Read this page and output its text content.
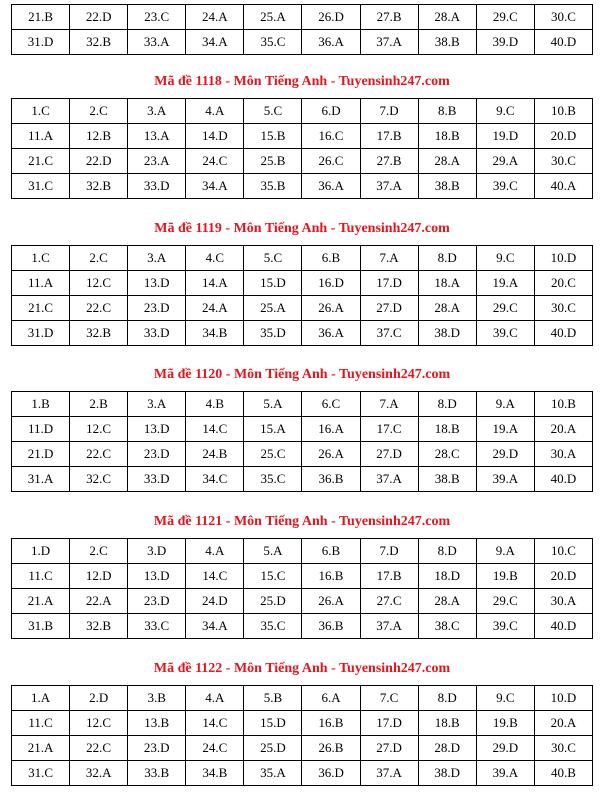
21.B	22.D	23.C	24.A	25.A	26.D	27.B	28.A	29.C	30.C
31.D	32.B	33.A	34.A	35.C	36.A	37.A	38.B	39.D	40.D
Mã đề 1118 - Môn Tiếng Anh - Tuyensinh247.com
1.C	2.C	3.A	4.A	5.C	6.D	7.D	8.B	9.C	10.B
11.A	12.B	13.A	14.D	15.B	16.C	17.B	18.B	19.D	20.D
21.C	22.D	23.A	24.C	25.B	26.C	27.B	28.A	29.A	30.C
31.C	32.B	33.D	34.A	35.B	36.A	37.A	38.B	39.C	40.A
Mã đề 1119 - Môn Tiếng Anh - Tuyensinh247.com
1.C	2.C	3.A	4.C	5.C	6.B	7.A	8.D	9.C	10.D
11.A	12.C	13.D	14.A	15.D	16.D	17.D	18.A	19.A	20.C
21.C	22.C	23.D	24.A	25.A	26.A	27.D	28.A	29.C	30.C
31.D	32.B	33.D	34.B	35.D	36.A	37.C	38.D	39.C	40.D
Mã đề 1120 - Môn Tiếng Anh - Tuyensinh247.com
1.B	2.B	3.A	4.B	5.A	6.C	7.A	8.D	9.A	10.B
11.D	12.C	13.D	14.C	15.A	16.A	17.C	18.B	19.A	20.A
21.D	22.C	23.D	24.B	25.C	26.A	27.D	28.C	29.D	30.A
31.A	32.C	33.D	34.C	35.C	36.B	37.A	38.B	39.A	40.D
Mã đề 1121 - Môn Tiếng Anh - Tuyensinh247.com
1.D	2.C	3.D	4.A	5.A	6.B	7.D	8.D	9.A	10.C
11.C	12.D	13.D	14.C	15.C	16.B	17.B	18.D	19.B	20.D
21.A	22.A	23.D	24.D	25.D	26.A	27.C	28.A	29.C	30.A
31.B	32.B	33.C	34.A	35.C	36.B	37.A	38.C	39.C	40.D
Mã đề 1122 - Môn Tiếng Anh - Tuyensinh247.com
1.A	2.D	3.B	4.A	5.B	6.A	7.C	8.D	9.C	10.D
11.C	12.C	13.B	14.C	15.D	16.B	17.D	18.B	19.B	20.A
21.A	22.C	23.D	24.C	25.D	26.B	27.D	28.D	29.D	30.C
31.C	32.A	33.B	34.B	35.A	36.D	37.A	38.D	39.A	40.B
